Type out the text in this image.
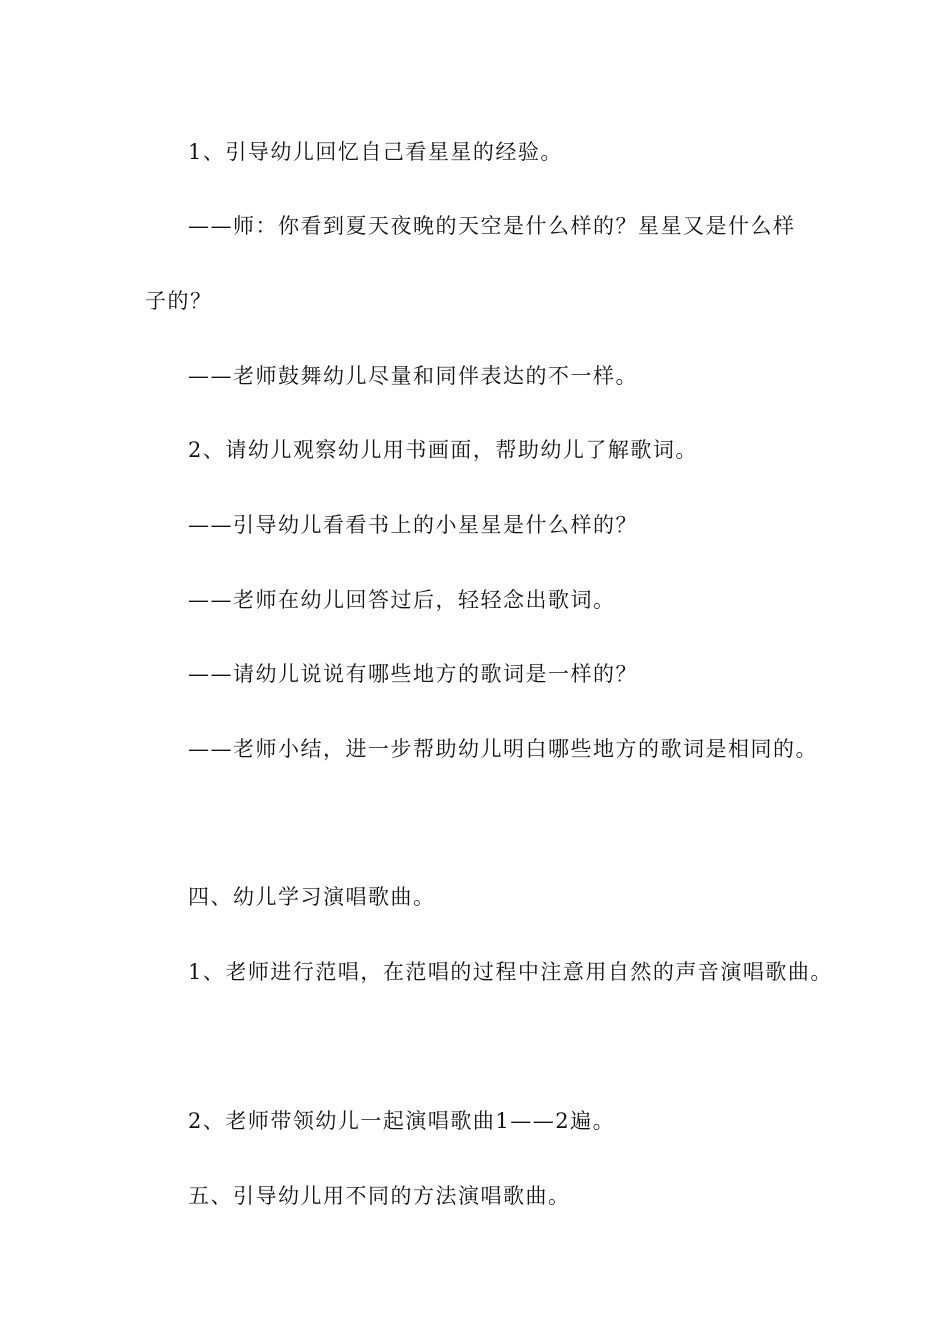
1、引导幼儿回忆自己看星星的经验。
——师：你看到夏天夜晚的天空是什么样的？星星又是什么样
子的？
——老师鼓舞幼儿尽量和同伴表达的不一样。
2、请幼儿观察幼儿用书画面，帮助幼儿了解歌词。
——引导幼儿看看书上的小星星是什么样的？
——老师在幼儿回答过后，轻轻念出歌词。
——请幼儿说说有哪些地方的歌词是一样的？
——老师小结，进一步帮助幼儿明白哪些地方的歌词是相同的。
四、幼儿学习演唱歌曲。
1、老师进行范唱，在范唱的过程中注意用自然的声音演唱歌曲。
2、老师带领幼儿一起演唱歌曲1——2遍。
五、引导幼儿用不同的方法演唱歌曲。
